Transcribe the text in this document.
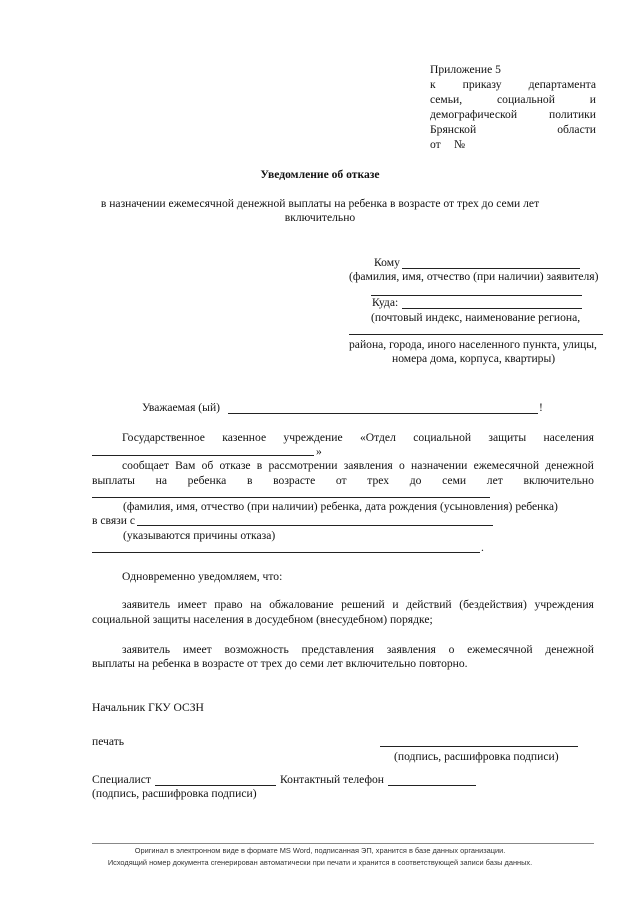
Приложение 5
к приказу департамента
семьи,	социальной	и
демографической	политики
Брянской	области
от №
Уведомление об отказе
в назначении ежемесячной денежной выплаты на ребенка в возрасте от трех до семи лет
включительно
Кому
(фамилия, имя, отчество (при наличии) заявителя)
Куда:
(почтовый индекс, наименование региона,
района, города, иного населенного пункта, улицы,
номера дома, корпуса, квартиры)
Уважаемая (ый)	!
Государственное казенное учреждение «Отдел социальной защиты населения
»
сообщает Вам об отказе в рассмотрении заявления о назначении ежемесячной денежной
выплаты на ребенка в возрасте от трех до семи лет включительно
(фамилия, имя, отчество (при наличии) ребенка, дата рождения (усыновления) ребенка)
в связи с
(указываются причины отказа)
.
Одновременно уведомляем, что:
заявитель имеет право на обжалование решений и действий (бездействия) учреждения
социальной защиты населения в досудебном (внесудебном) порядке;
заявитель имеет возможность представления заявления о ежемесячной денежной
выплаты на ребенка в возрасте от трех до семи лет включительно повторно.
Начальник ГКУ ОСЗН
печать
(подпись, расшифровка подписи)
Специалист	Контактный телефон
(подпись, расшифровка подписи)
Оригинал в электронном виде в формате MS Word, подписанная ЭП, хранится в базе данных организации.
Исходящий номер документа сгенерирован автоматически при печати и хранится в соответствующей записи базы данных.
